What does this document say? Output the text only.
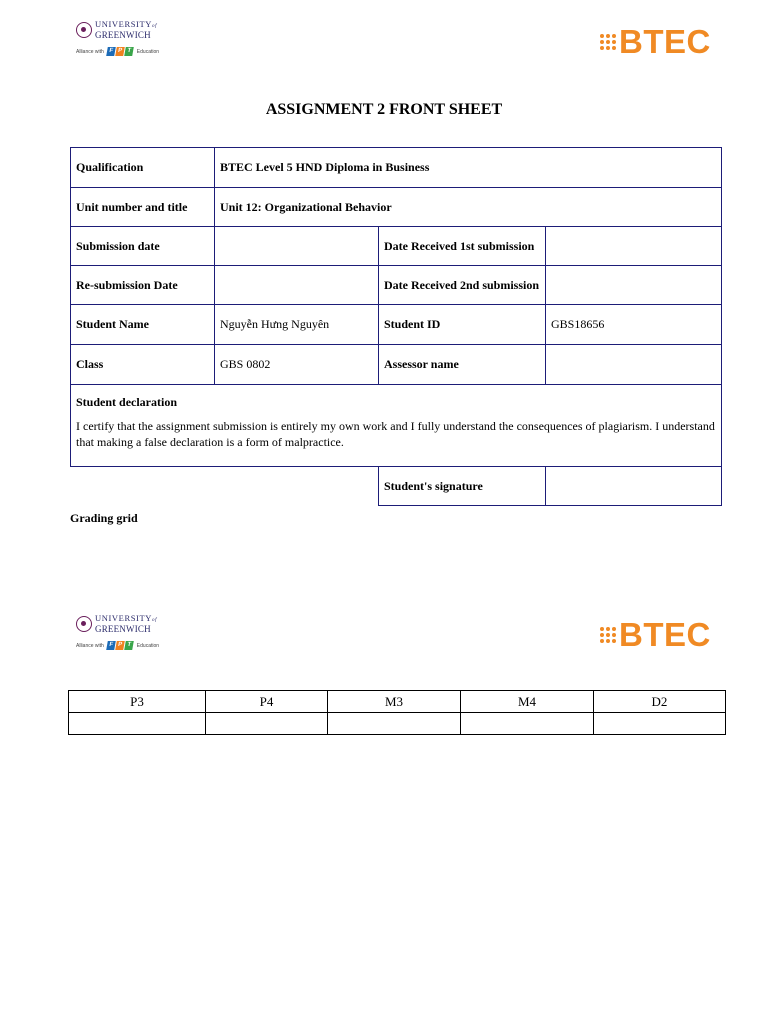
UNIVERSITYof
GREENWICH
Alliance with F P T	Education	BTEC
ASSIGNMENT 2 FRONT SHEET
Qualification	BTEC Level 5 HND Diploma in Business		
Unit number and title	Unit 12: Organizational Behavior		
Submission date		Date Received 1st submission	
Re-submission Date		Date Received 2nd submission	
Student Name	Nguyễn Hưng Nguyên	Student ID	GBS18656
Class	GBS 0802	Assessor name	

Student declaration
I certify that the assignment submission is entirely my own work and I fully understand the consequences of plagiarism. I understand that making a false declaration is a form of malpractice.			

		Student's signature	
Grading grid
UNIVERSITYof
GREENWICH
Alliance with F P T	Education	BTEC
P3	P4	M3	M4	D2
